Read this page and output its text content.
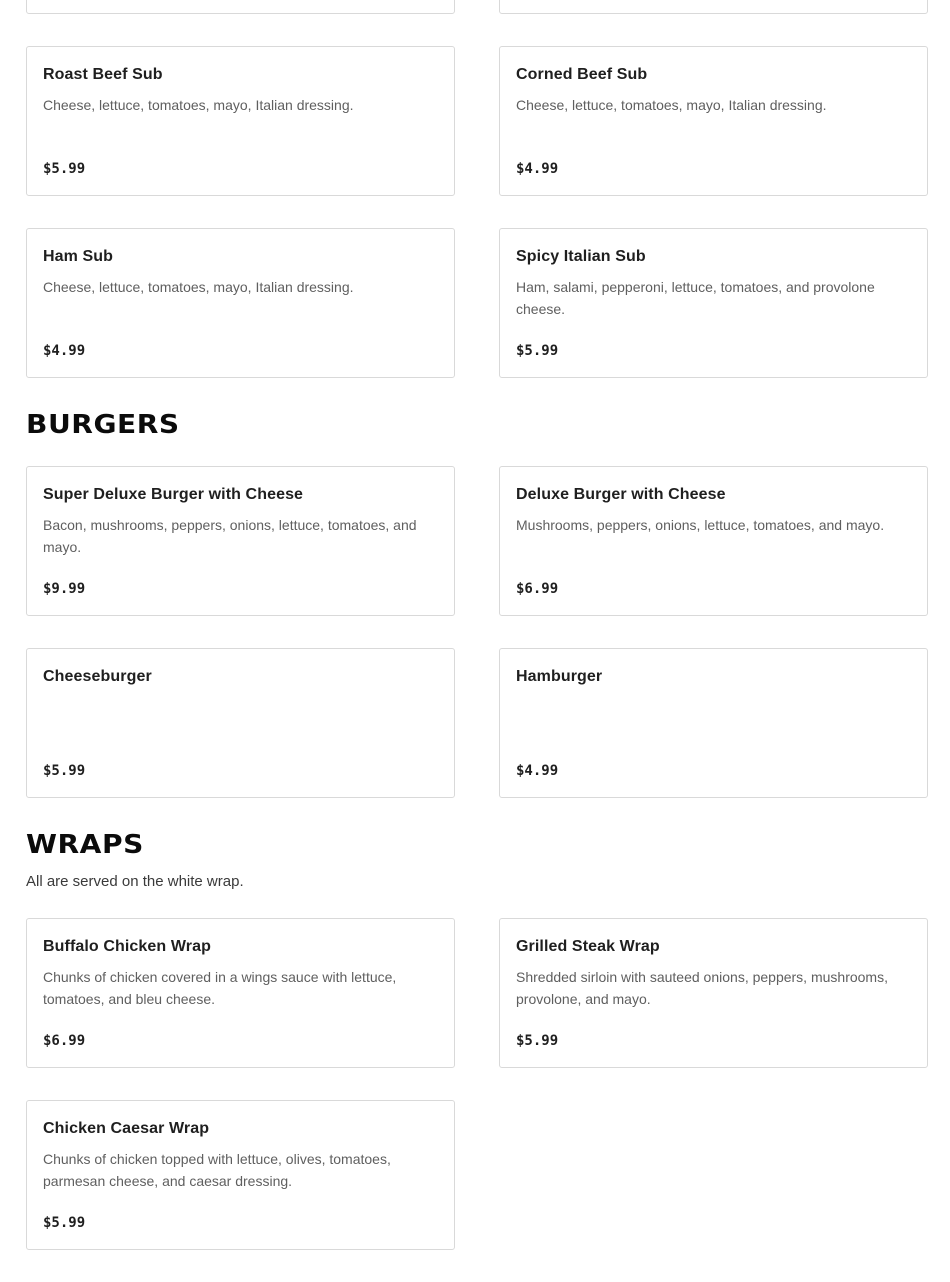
Roast Beef Sub
Cheese, lettuce, tomatoes, mayo, Italian dressing.
$5.99
Corned Beef Sub
Cheese, lettuce, tomatoes, mayo, Italian dressing.
$4.99
Ham Sub
Cheese, lettuce, tomatoes, mayo, Italian dressing.
$4.99
Spicy Italian Sub
Ham, salami, pepperoni, lettuce, tomatoes, and provolone cheese.
$5.99
BURGERS
Super Deluxe Burger with Cheese
Bacon, mushrooms, peppers, onions, lettuce, tomatoes, and mayo.
$9.99
Deluxe Burger with Cheese
Mushrooms, peppers, onions, lettuce, tomatoes, and mayo.
$6.99
Cheeseburger
$5.99
Hamburger
$4.99
WRAPS
All are served on the white wrap.
Buffalo Chicken Wrap
Chunks of chicken covered in a wings sauce with lettuce, tomatoes, and bleu cheese.
$6.99
Grilled Steak Wrap
Shredded sirloin with sauteed onions, peppers, mushrooms, provolone, and mayo.
$5.99
Chicken Caesar Wrap
Chunks of chicken topped with lettuce, olives, tomatoes, parmesan cheese, and caesar dressing.
$5.99
